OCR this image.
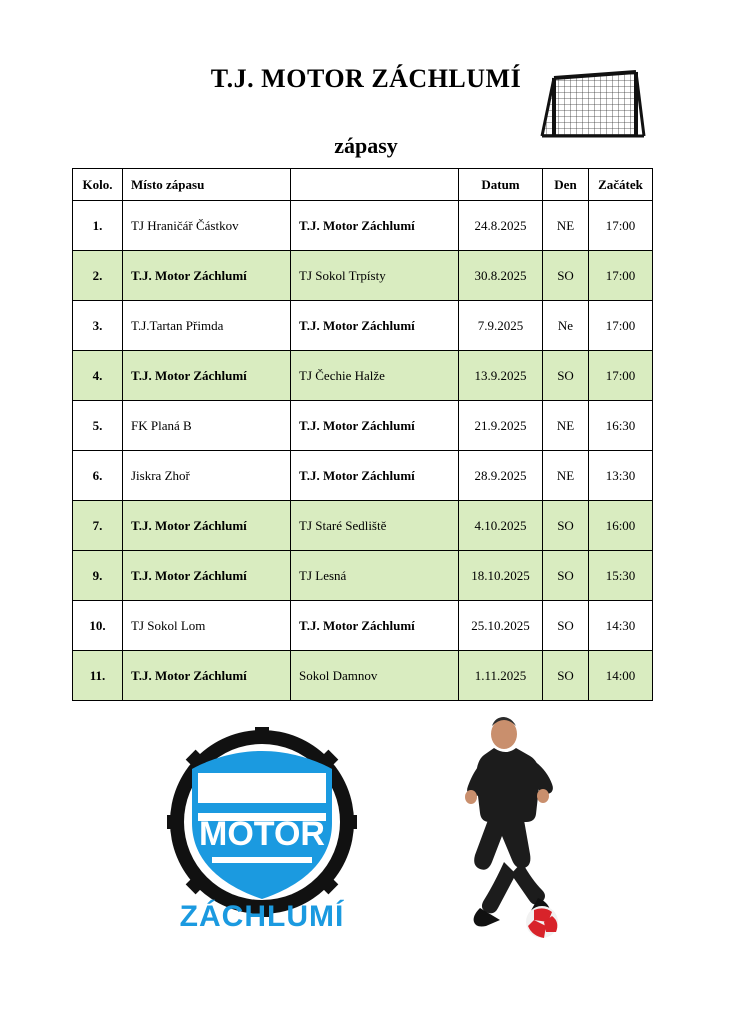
T.J. MOTOR ZÁCHLUMÍ
zápasy
Kolo.	Místo zápasu		Datum	Den	Začátek
1.	TJ Hraničář Částkov	T.J. Motor Záchlumí	24.8.2025	NE	17:00
2.	T.J. Motor Záchlumí	TJ Sokol Trpísty	30.8.2025	SO	17:00
3.	T.J.Tartan Přimda	T.J. Motor Záchlumí	7.9.2025	Ne	17:00
4.	T.J. Motor Záchlumí	TJ Čechie Halže	13.9.2025	SO	17:00
5.	FK Planá B	T.J. Motor Záchlumí	21.9.2025	NE	16:30
6.	Jiskra Zhoř	T.J. Motor Záchlumí	28.9.2025	NE	13:30
7.	T.J. Motor Záchlumí	TJ Staré Sedliště	4.10.2025	SO	16:00
9.	T.J. Motor Záchlumí	TJ Lesná	18.10.2025	SO	15:30
10.	TJ Sokol Lom	T.J. Motor Záchlumí	25.10.2025	SO	14:30
11.	T.J. Motor Záchlumí	Sokol Damnov	1.11.2025	SO	14:00
MOTOR
ZÁCHLUMÍ
